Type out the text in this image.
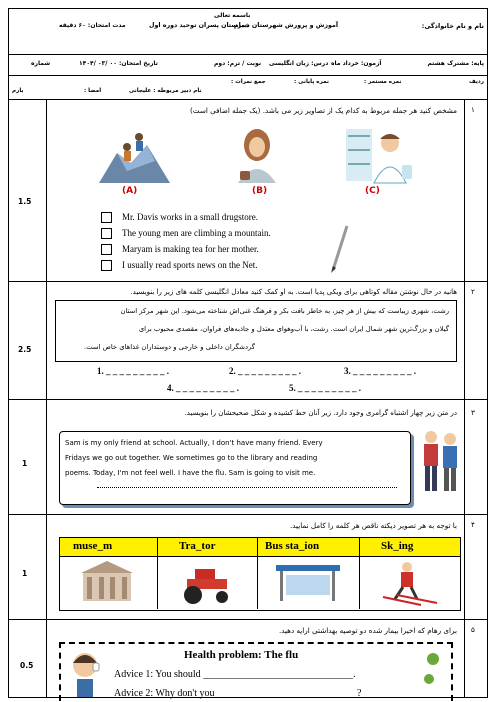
باسمه تعالی
نام و نام خانوادگی:
آموزش و پرورش شهرستان خمام
دبیرستان پسران توحید دوره اول
مدت امتحان: ۶۰ دقیقه
پایه: مشترک هشتم
آزمون: خرداد ماه
درس: زبان انگلیسی
نوبت / ترم: دوم
تاریخ امتحان: ۰۰ /۰۳ /۱۴۰۴
شماره
ردیف
نمره مستمر :
نمره پایانی :
جمع نمرات :
نام دبیر مربوطه : علیجانی
امضا :
بارم
۱
مشخص کنید هر جمله مربوط به کدام یک از تصاویر زیر می باشد. (یک جمله اضافی است)
1.5
(A)	(B)	(C)
Mr. Davis works in a small drugstore.
The young men are climbing a mountain.
Maryam is making tea for her mother.
I usually read sports news on the Net.
۲
هانیه در حال نوشتن مقاله کوتاهی برای ویکی پدیا است. به او کمک کنید معادل انگلیسی کلمه های زیر را بنویسید.
2.5
رشت، شهری زیباست که بیش از هر چیز، به خاطر بافت بکر و فرهنگ غنی‌اش شناخته می‌شود. این شهر مرکز استان
گیلان و بزرگ‌ترین شهر شمال ایران است. رشت، با آب‌وهوای معتدل و جاذبه‌های فراوان، مقصدی محبوب برای
گردشگران داخلی و خارجی و دوستداران غذاهای خاص است.
1. _ _ _ _ _ _ _ _ _ .	2. _ _ _ _ _ _ _ _ _ .	3. _ _ _ _ _ _ _ _ _ .
4. _ _ _ _ _ _ _ _ _ .	5. _ _ _ _ _ _ _ _ _ .
۳
در متن زیر چهار اشتباه گرامری وجود دارد. زیر آنان خط کشیده و شکل صحیحشان را بنویسید.
1
Sam is my only friend at school. Actually, I don't have many friend. Every
Fridays we go out together. We sometimes go to the library and reading
poems. Today, I'm not feel well. I have the flu. Sam is going to visit me.
۴
با توجه به هر تصویر دیکته ناقص هر کلمه را کامل نمایید.
1
muse_m	Tra_tor	Bus sta_ion	Sk_ing
۵
برای رهام که اخیرا بیمار شده دو توصیه بهداشتی ارایه دهید.
0.5
Health problem: The flu
Advice 1: You should ______________________________.
Advice 2: Why don't you ____________________________?
